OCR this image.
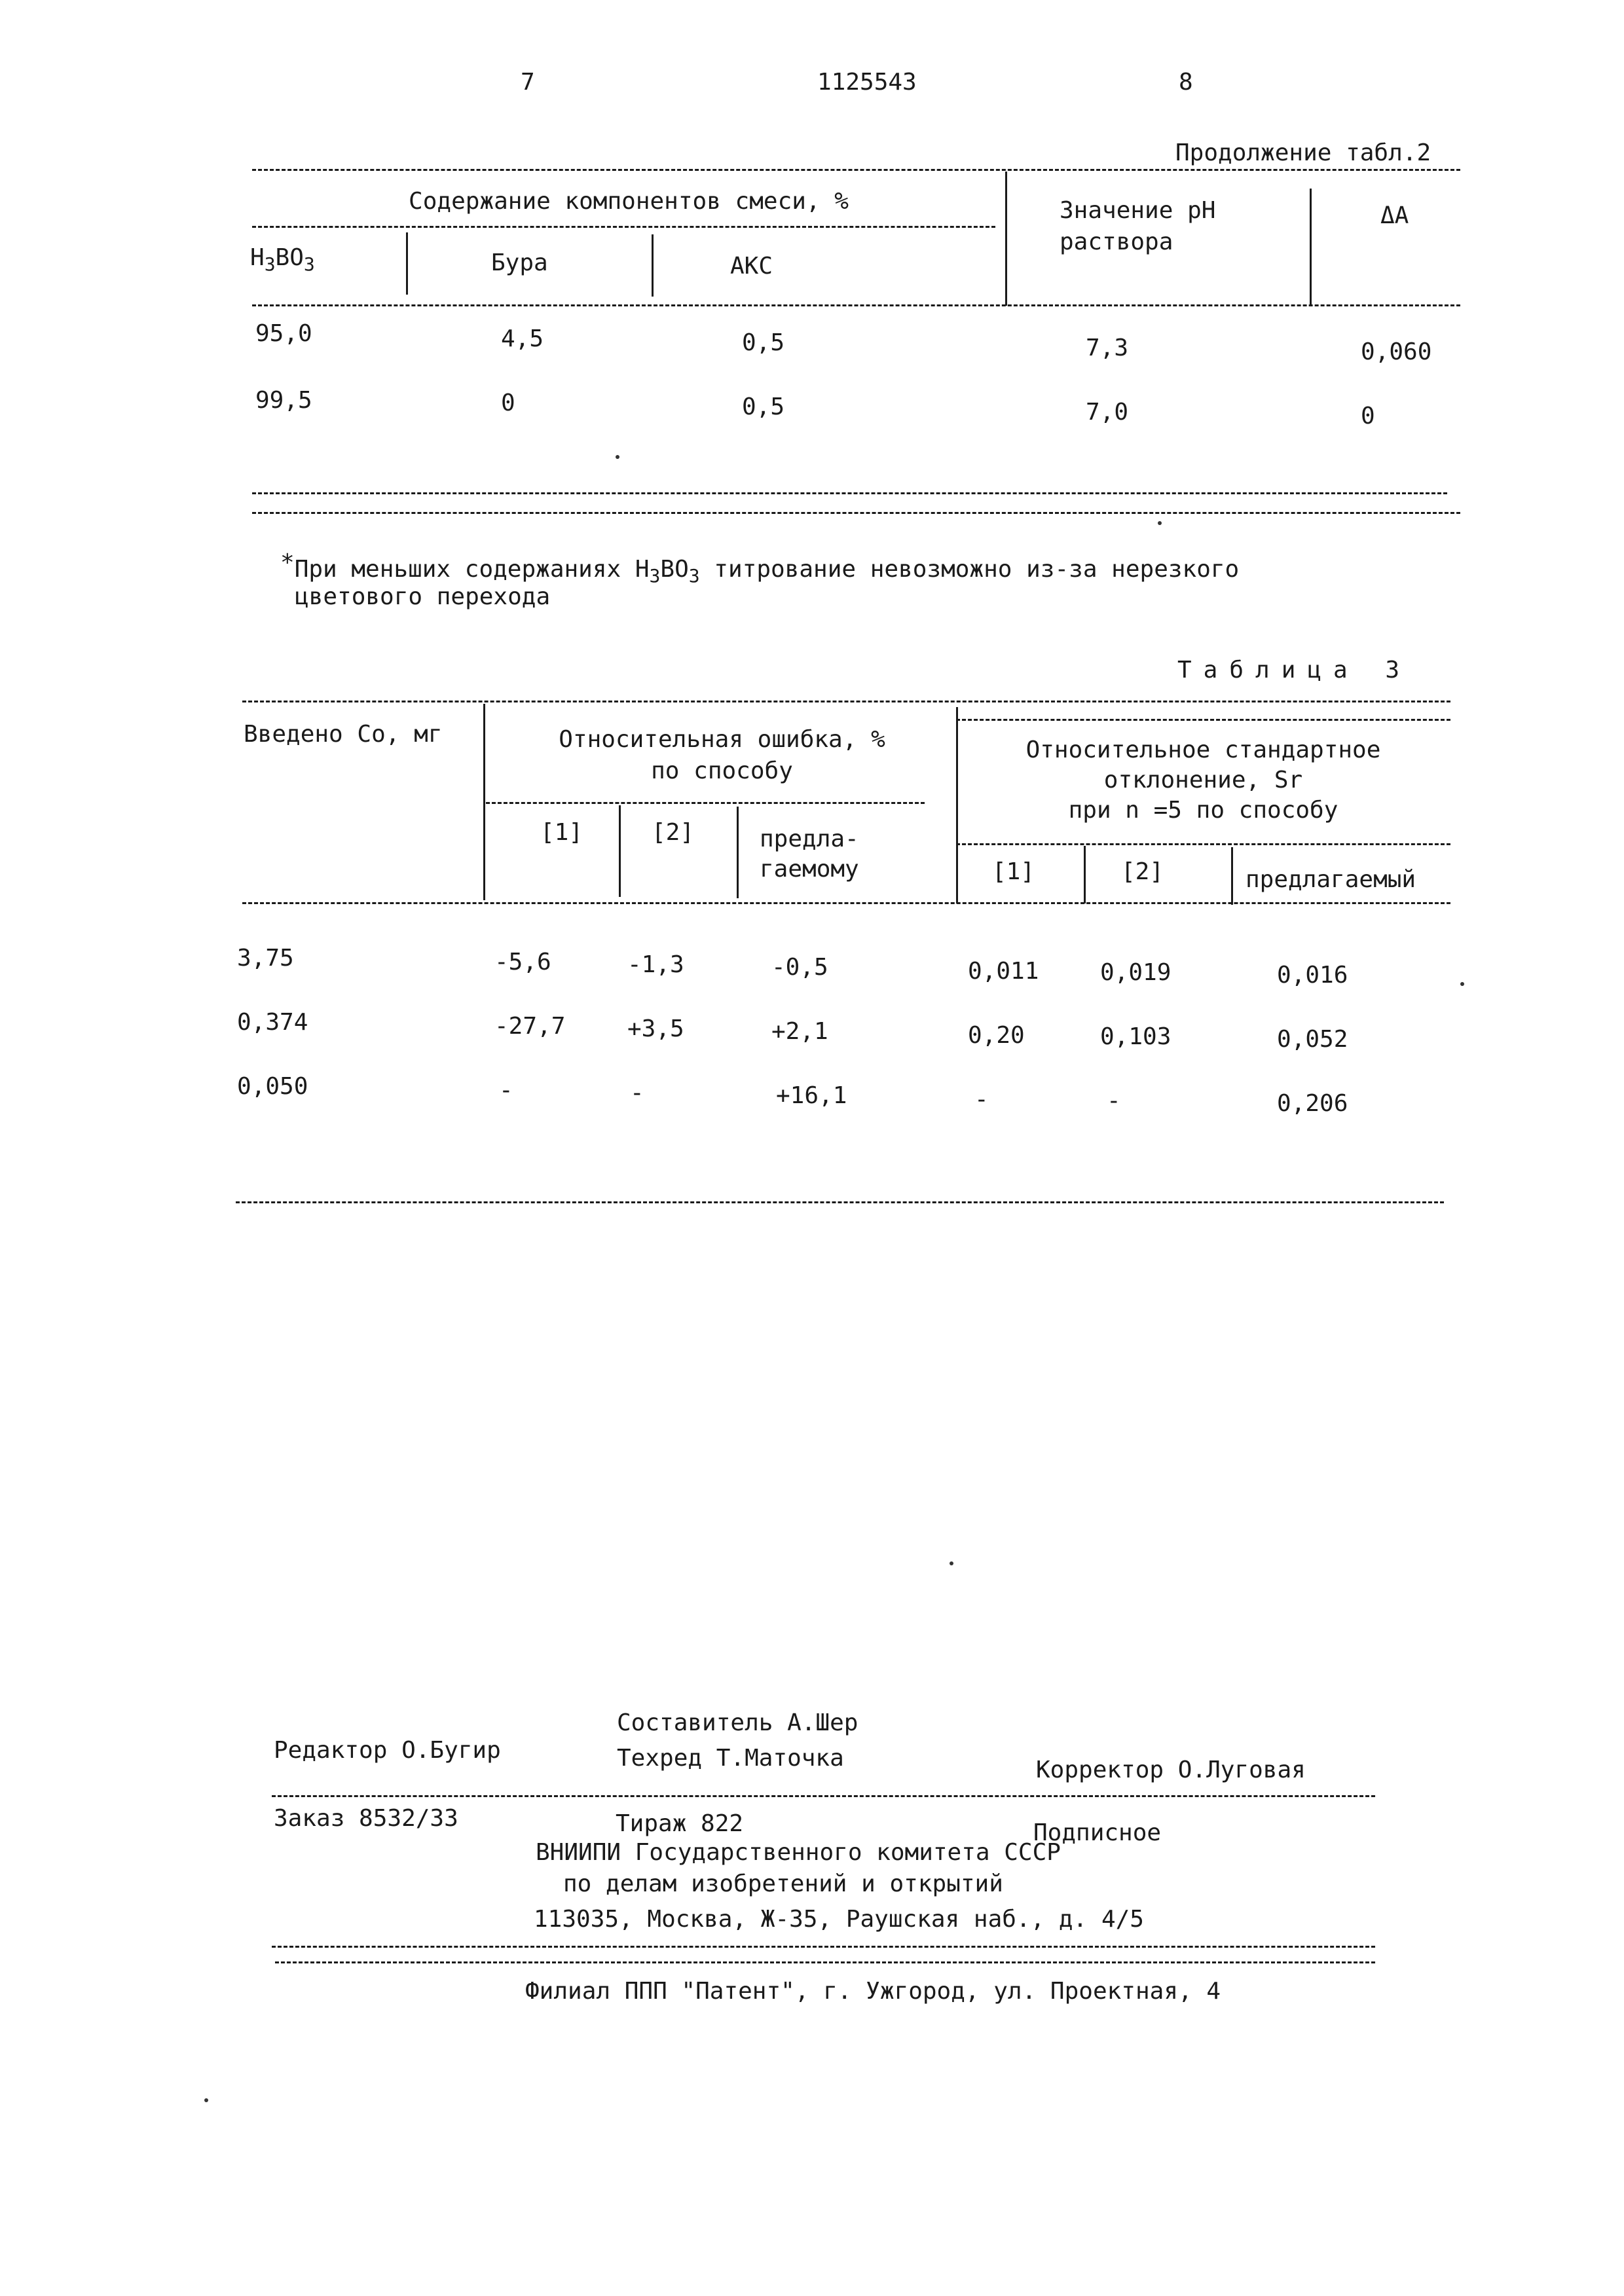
7	1125543	8
Продолжение табл.2
Содержание компонентов смеси, %
H3BO3	Бура	АКС
Значение pH
раствора
ΔA
95,0	4,5	0,5	7,3	0,060
99,5	0	0,5	7,0	0
*При меньших содержаниях H3BO3 титрование невозможно из-за нерезкого
цветового перехода
Таблица 3
Введено Co, мг	Относительная ошибка, %
по способу
Относительное стандартное
отклонение, Sr
при n =5 по способу
[1]	[2]	предла-
гаемому	[1]	[2]	предлагаемый
3,75	-5,6	-1,3	-0,5	0,011	0,019	0,016
0,374	-27,7	+3,5	+2,1	0,20	0,103	0,052
0,050	-	-	+16,1	-	-	0,206
Составитель А.Шер
Редактор О.Бугир	Техред Т.Маточка	Корректор О.Луговая
Заказ 8532/33	Тираж 822	Подписное
ВНИИПИ Государственного комитета СССР
по делам изобретений и открытий
113035, Москва, Ж-35, Раушская наб., д. 4/5
Филиал ППП "Патент", г. Ужгород, ул. Проектная, 4
